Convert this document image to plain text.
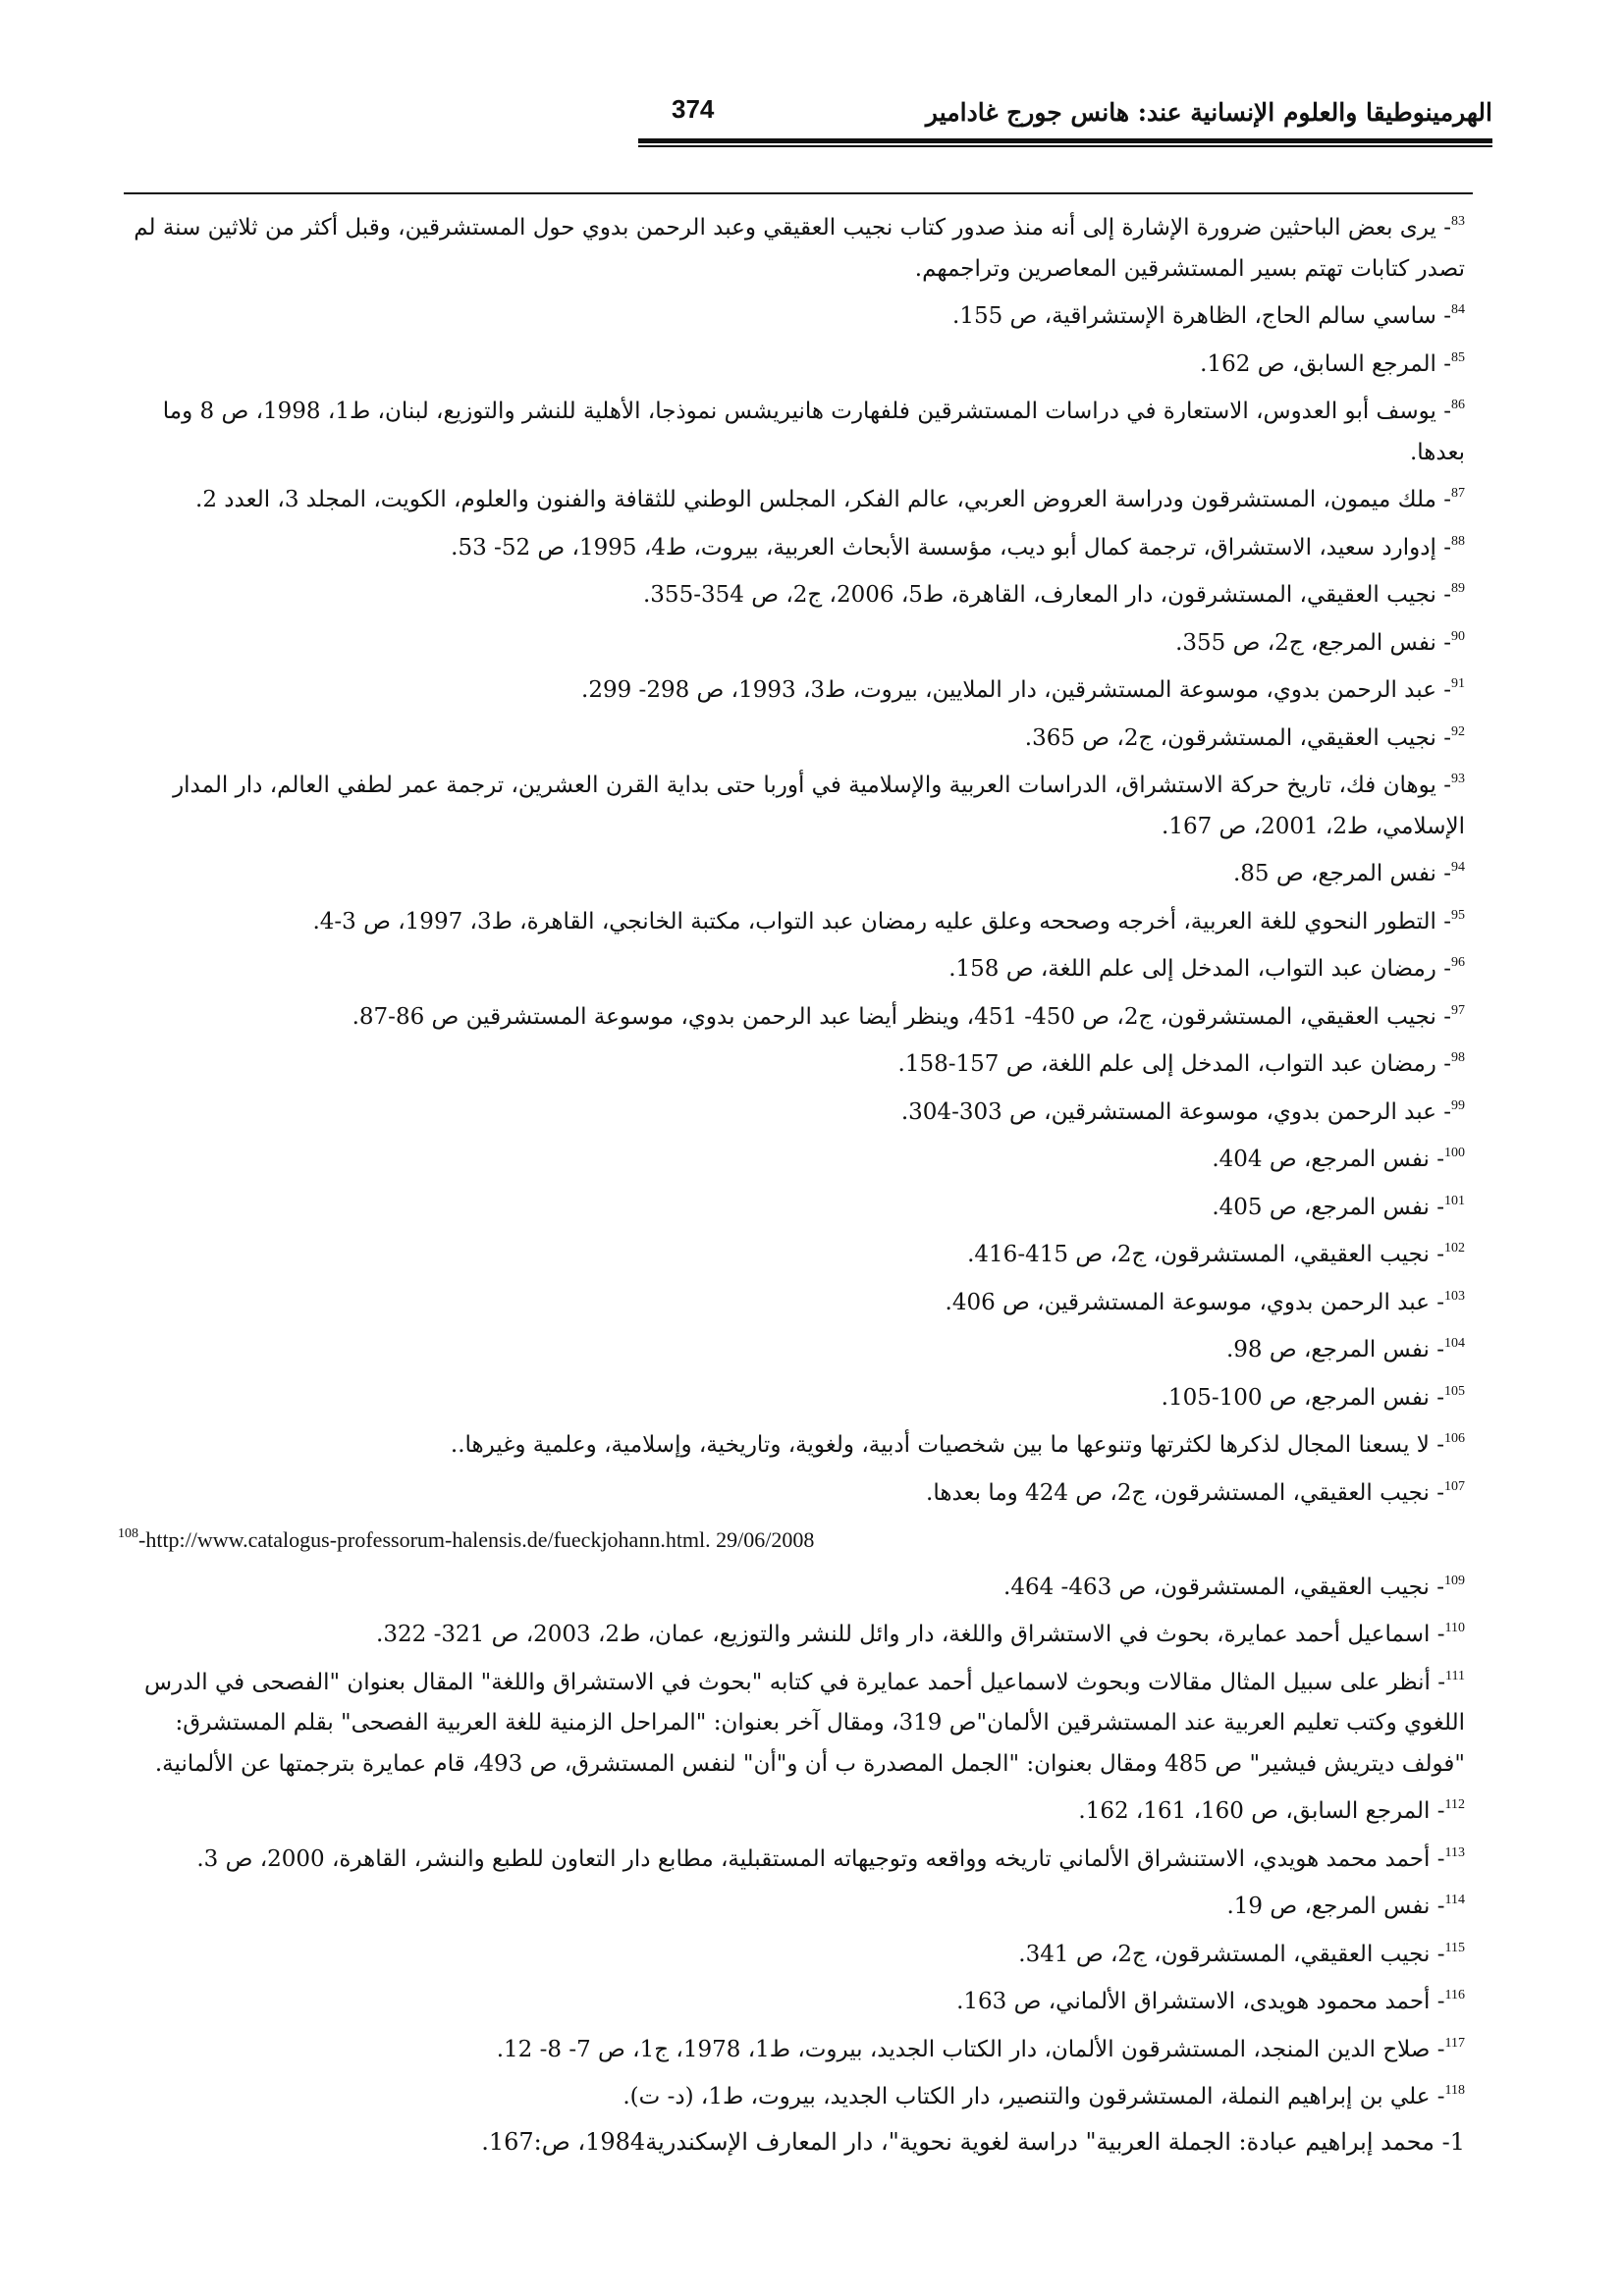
الهرمينوطيقا والعلوم الإنسانية عند: هانس جورج غادامير
374

$^{83}$- يرى بعض الباحثين ضرورة الإشارة إلى أنه منذ صدور كتاب نجيب العقيقي وعبد الرحمن بدوي حول المستشرقين، وقبل أكثر من ثلاثين سنة لم تصدر كتابات تهتم بسير المستشرقين المعاصرين وتراجمهم.

$^{84}$- ساسي سالم الحاج، الظاهرة الإستشراقية، ص 155.

$^{85}$- المرجع السابق، ص 162.

$^{86}$- يوسف أبو العدوس، الاستعارة في دراسات المستشرقين فلفهارت هانيريشس نموذجا، الأهلية للنشر والتوزيع، لبنان، ط1، 1998، ص 8 وما بعدها.

$^{87}$- ملك ميمون، المستشرقون ودراسة العروض العربي، عالم الفكر، المجلس الوطني للثقافة والفنون والعلوم، الكويت، المجلد 3، العدد 2.

$^{88}$- إدوارد سعيد، الاستشراق، ترجمة كمال أبو ديب، مؤسسة الأبحاث العربية، بيروت، ط4، 1995، ص 52- 53.

$^{89}$- نجيب العقيقي، المستشرقون، دار المعارف، القاهرة، ط5، 2006، ج2، ص 354-355.

$^{90}$- نفس المرجع، ج2، ص 355.

$^{91}$- عبد الرحمن بدوي، موسوعة المستشرقين، دار الملايين، بيروت، ط3، 1993، ص 298- 299.

$^{92}$- نجيب العقيقي، المستشرقون، ج2، ص 365.

$^{93}$- يوهان فك، تاريخ حركة الاستشراق، الدراسات العربية والإسلامية في أوربا حتى بداية القرن العشرين، ترجمة عمر لطفي العالم، دار المدار الإسلامي، ط2، 2001، ص 167.

$^{94}$- نفس المرجع، ص 85.

$^{95}$- التطور النحوي للغة العربية، أخرجه وصححه وعلق عليه رمضان عبد التواب، مكتبة الخانجي، القاهرة، ط3، 1997، ص 3-4.

$^{96}$- رمضان عبد التواب، المدخل إلى علم اللغة، ص 158.

$^{97}$- نجيب العقيقي، المستشرقون، ج2، ص 450- 451، وينظر أيضا عبد الرحمن بدوي، موسوعة المستشرقين ص 86-87.

$^{98}$- رمضان عبد التواب، المدخل إلى علم اللغة، ص 157-158.

$^{99}$- عبد الرحمن بدوي، موسوعة المستشرقين، ص 303-304.

$^{100}$- نفس المرجع، ص 404.

$^{101}$- نفس المرجع، ص 405.

$^{102}$- نجيب العقيقي، المستشرقون، ج2، ص 415-416.

$^{103}$- عبد الرحمن بدوي، موسوعة المستشرقين، ص 406.

$^{104}$- نفس المرجع، ص 98.

$^{105}$- نفس المرجع، ص 100-105.

$^{106}$- لا يسعنا المجال لذكرها لكثرتها وتنوعها ما بين شخصيات أدبية، ولغوية، وتاريخية، وإسلامية، وعلمية وغيرها..

$^{107}$- نجيب العقيقي، المستشرقون، ج2، ص 424 وما بعدها.

$^{108}$-http://www.catalogus-professorum-halensis.de/fueckjohann.html. 29/06/2008

$^{109}$- نجيب العقيقي، المستشرقون، ص 463- 464.

$^{110}$- اسماعيل أحمد عمايرة، بحوث في الاستشراق واللغة، دار وائل للنشر والتوزيع، عمان، ط2، 2003، ص 321- 322.

$^{111}$- أنظر على سبيل المثال مقالات وبحوث لاسماعيل أحمد عمايرة في كتابه "بحوث في الاستشراق واللغة" المقال بعنوان "الفصحى في الدرس اللغوي وكتب تعليم العربية عند المستشرقين الألمان"ص 319، ومقال آخر بعنوان: "المراحل الزمنية للغة العربية الفصحى" بقلم المستشرق: "فولف ديتريش فيشير" ص 485 ومقال بعنوان: "الجمل المصدرة ب أن و"أن" لنفس المستشرق، ص 493، قام عمايرة بترجمتها عن الألمانية.

$^{112}$- المرجع السابق، ص 160، 161، 162.

$^{113}$- أحمد محمد هويدي، الاستنشراق الألماني تاريخه وواقعه وتوجيهاته المستقبلية، مطابع دار التعاون للطبع والنشر، القاهرة، 2000، ص 3.

$^{114}$- نفس المرجع، ص 19.

$^{115}$- نجيب العقيقي، المستشرقون، ج2، ص 341.

$^{116}$- أحمد محمود هويدى، الاستشراق الألماني، ص 163.

$^{117}$- صلاح الدين المنجد، المستشرقون الألمان، دار الكتاب الجديد، بيروت، ط1، 1978، ج1، ص 7- 8- 12.

$^{118}$- علي بن إبراهيم النملة، المستشرقون والتنصير، دار الكتاب الجديد، بيروت، ط1، (د- ت).

1- محمد إبراهيم عبادة: الجملة العربية" دراسة لغوية نحوية"، دار المعارف الإسكندرية1984، ص:167.
